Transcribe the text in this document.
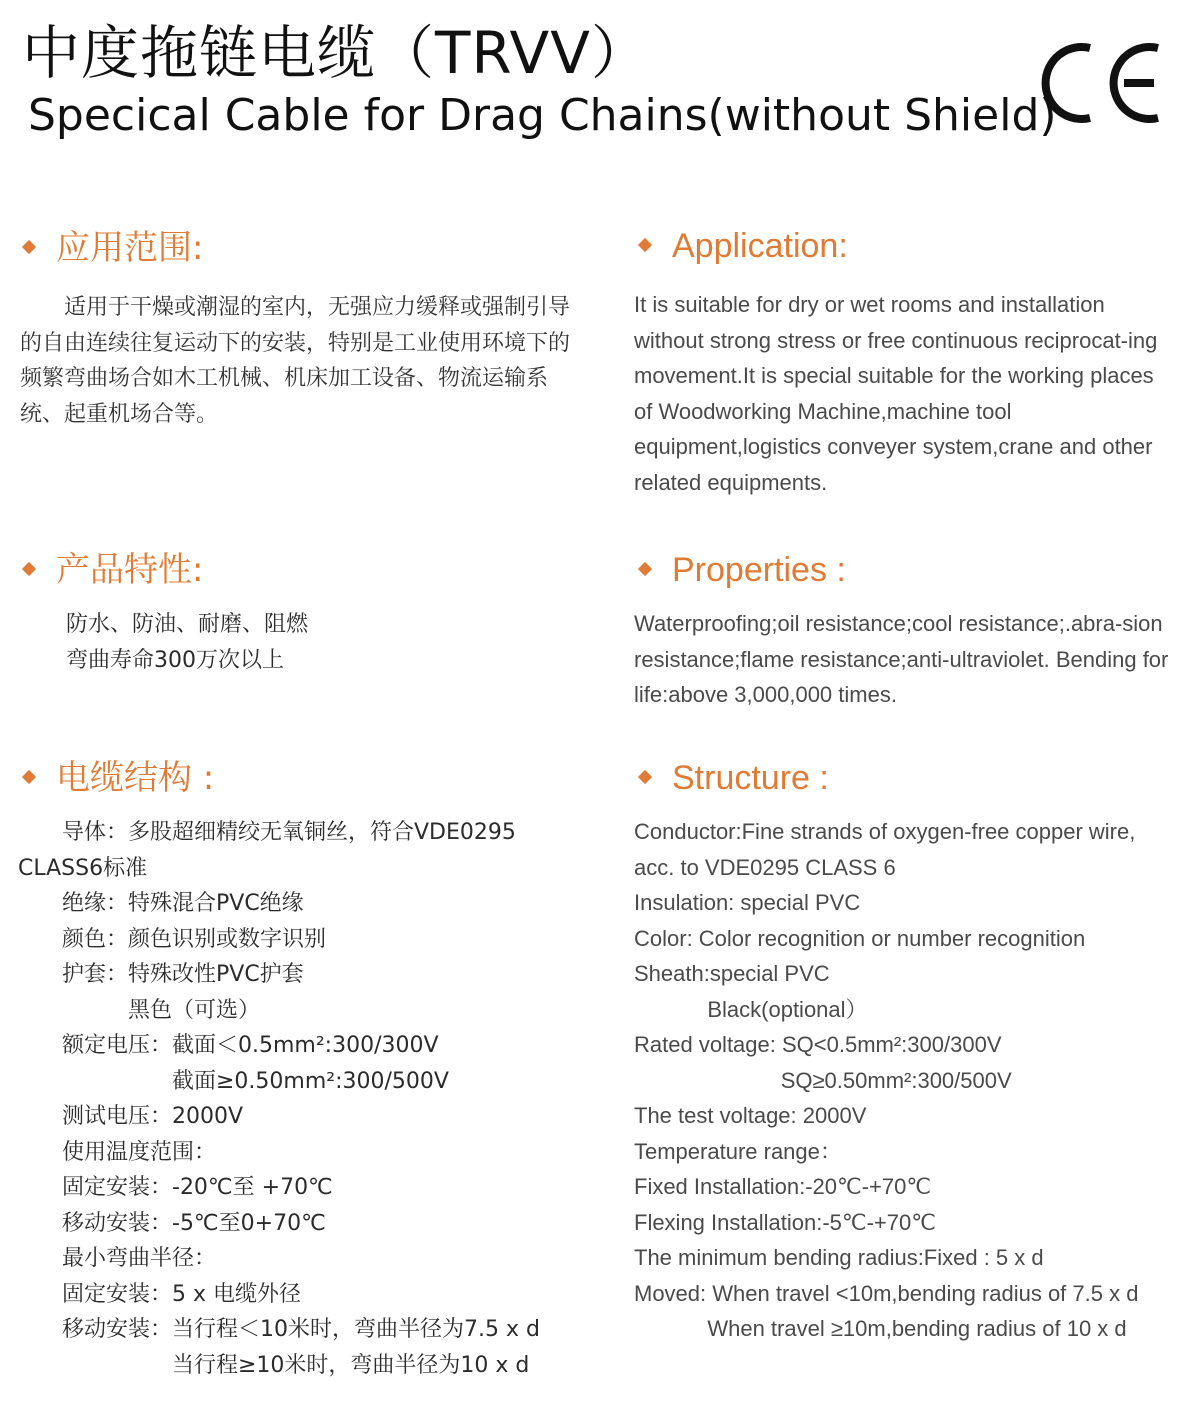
中度拖链电缆（TRVV）
Specical Cable for Drag Chains(without Shield)
应用范围:	Application:

　　适用于干燥或潮湿的室内，无强应力缓释或强制引导的自由连续往复运动下的安装，特别是工业使用环境下的频繁弯曲场合如木工机械、机床加工设备、物流运输系统、起重机场合等。

It is suitable for dry or wet rooms and installation without strong stress or free continuous reciprocat-ing movement.It is special suitable for the working places of Woodworking Machine,machine tool equipment,logistics conveyer system,crane and other related equipments.

产品特性:	Properties :
防水、防油、耐磨、阻燃
弯曲寿命300万次以上

Waterproofing;oil resistance;cool resistance;.abra-sion resistance;flame resistance;anti-ultraviolet. Bending for life:above 3,000,000 times.

电缆结构 :	Structure :
　　导体：多股超细精绞无氧铜丝，符合VDE0295
CLASS6标准
　　绝缘：特殊混合PVC绝缘
　　颜色：颜色识别或数字识别
　　护套：特殊改性PVC护套
　　　　　黑色（可选）
　　额定电压：截面＜0.5mm²:300/300V
　　　　　　　截面≥0.50mm²:300/500V
　　测试电压：2000V
　　使用温度范围：
　　固定安装：-20℃至 +70℃
　　移动安装：-5℃至0+70℃
　　最小弯曲半径：
　　固定安装：5 x 电缆外径
　　移动安装：当行程＜10米时，弯曲半径为7.5 x d
　　　　　　　当行程≥10米时，弯曲半径为10 x d
Conductor:Fine strands of oxygen-free copper wire,
acc. to VDE0295 CLASS 6
Insulation: special PVC
Color: Color recognition or number recognition
Sheath:special PVC
Black(optional）
Rated voltage: SQ<0.5mm²:300/300V
SQ≥0.50mm²:300/500V
The test voltage: 2000V
Temperature range：
Fixed Installation:-20℃-+70℃
Flexing Installation:-5℃-+70℃
The minimum bending radius:Fixed : 5 x d
Moved: When travel <10m,bending radius of 7.5 x d
When travel ≥10m,bending radius of 10 x d
